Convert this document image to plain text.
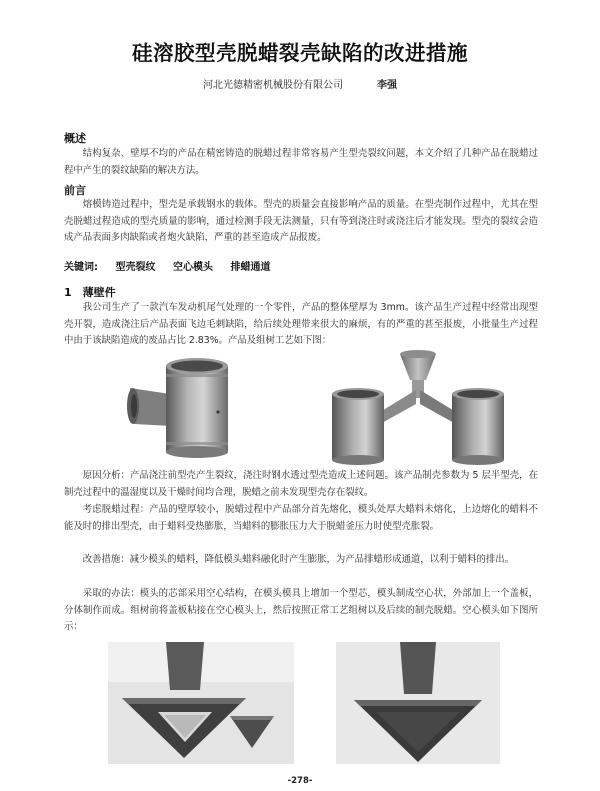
硅溶胶型壳脱蜡裂壳缺陷的改进措施
河北光德精密机械股份有限公司	李强
概述

结构复杂、壁厚不均的产品在精密铸造的脱蜡过程非常容易产生型壳裂纹问题，本文介绍了几种产品在脱蜡过程中产生的裂纹缺陷的解决方法。

前言

熔模铸造过程中，型壳是承载钢水的载体。型壳的质量会直接影响产品的质量。在型壳制作过程中，尤其在型壳脱蜡过程造成的型壳质量的影响，通过检测手段无法测量，只有等到浇注时或浇注后才能发现。型壳的裂纹会造成产品表面多肉缺陷或者炮火缺陷，严重的甚至造成产品报废。

关键词: 型壳裂纹 空心模头 排蜡通道
1　薄壁件

我公司生产了一款汽车发动机尾气处理的一个零件，产品的整体壁厚为 3mm。该产品生产过程中经常出现型壳开裂，造成浇注后产品表面飞边毛刺缺陷，给后续处理带来很大的麻烦，有的严重的甚至报废，小批量生产过程中由于该缺陷造成的废品占比 2.83%。产品及组树工艺如下图：

原因分析：产品浇注前型壳产生裂纹，浇注时钢水透过型壳造成上述问题。该产品制壳参数为 5 层半型壳，在制壳过程中的温湿度以及干燥时间均合理，脱蜡之前未发现型壳存在裂纹。

考虑脱蜡过程：产品的壁厚较小，脱蜡过程中产品部分首先熔化，模头处厚大蜡料未熔化，上边熔化的蜡料不能及时的排出型壳，由于蜡料受热膨胀，当蜡料的膨胀压力大于脱蜡釜压力时使型壳胀裂。

改善措施：减少模头的蜡料，降低模头蜡料融化时产生膨胀，为产品排蜡形成通道，以利于蜡料的排出。

采取的办法：模头的芯部采用空心结构，在模头模具上增加一个型芯，模头制成空心状，外部加上一个盖板，分体制作而成。组树前将盖板粘接在空心模头上，然后按照正常工艺组树以及后续的制壳脱蜡。空心模头如下图所示：

-278-
